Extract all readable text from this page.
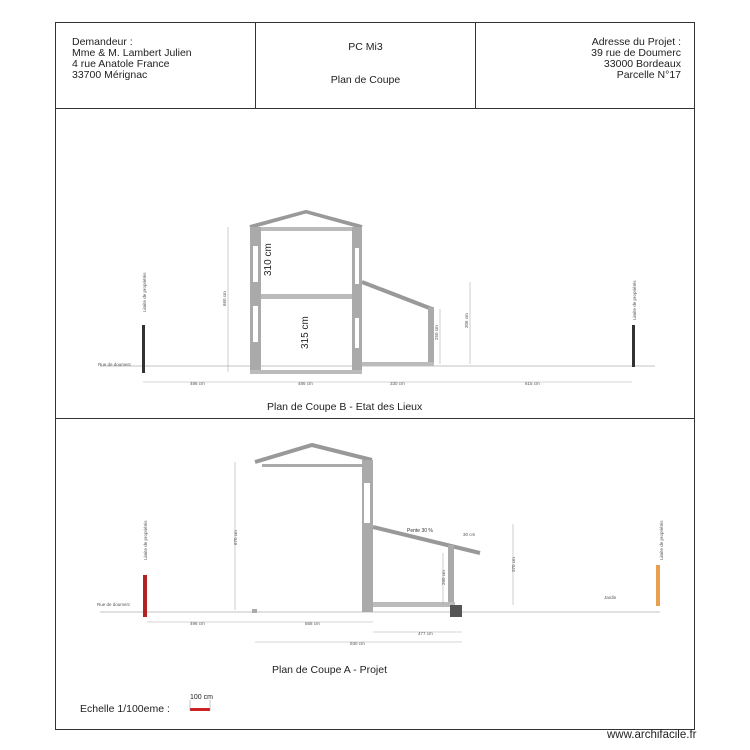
Demandeur :
Mme & M. Lambert Julien
4 rue Anatole France
33700 Mérignac
PC Mi3
Plan de Coupe
Adresse du Projet :
39 rue de Doumerc
33000 Bordeaux
Parcelle N°17
Limite de propriétés	Limite de propriétés
Rue de doumerc
310 cm
315 cm
660 cm
306 cm
250 cm
486 cm	486 cm	330 cm	615 cm
Pente 30 %
Limite de propriétés	Limite de propriétés
Rue de doumerc
Jardin
670 cm
280 cm
370 cm
30 cm
496 cm	568 cm
477 cm
930 cm
Plan de Coupe B - Etat des Lieux
Plan de Coupe A - Projet
Echelle 1/100eme :
100 cm
www.archifacile.fr
